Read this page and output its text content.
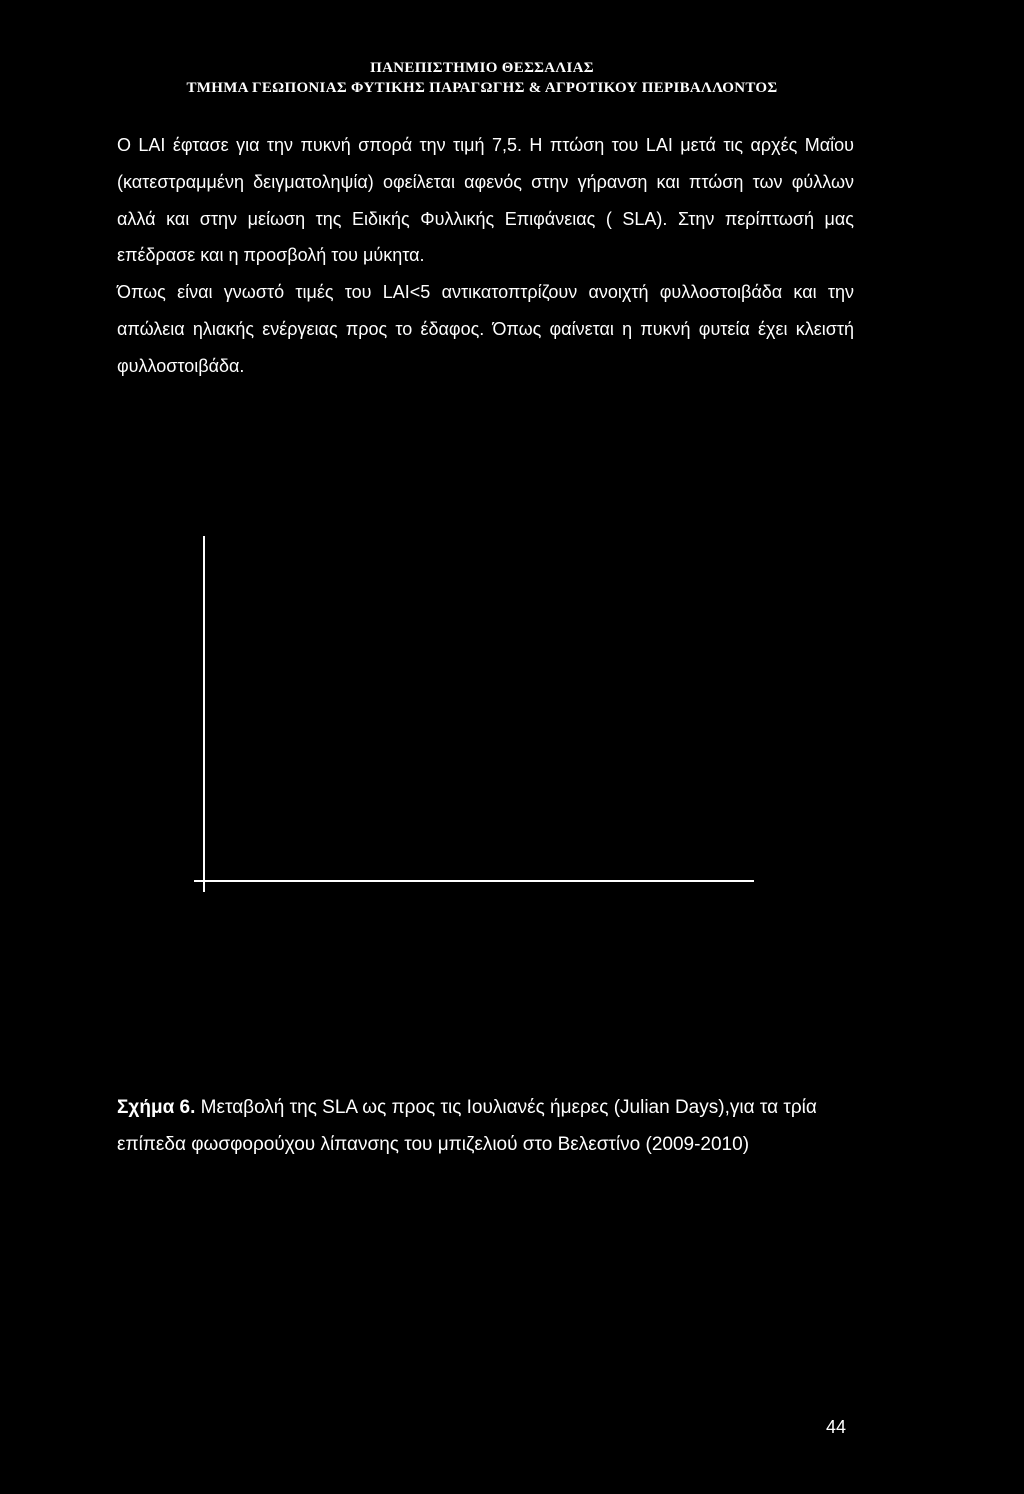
ΠΑΝΕΠΙΣΤΗΜΙΟ ΘΕΣΣΑΛΙΑΣ
ΤΜΗΜΑ ΓΕΩΠΟΝΙΑΣ ΦΥΤΙΚΗΣ ΠΑΡΑΓΩΓΗΣ & ΑΓΡΟΤΙΚΟΥ ΠΕΡΙΒΑΛΛΟΝΤΟΣ

Ο LAI έφτασε για την πυκνή σπορά την τιμή 7,5. Η πτώση του LAI μετά τις αρχές Μαΐου (κατεστραμμένη δειγματοληψία) οφείλεται αφενός στην γήρανση και πτώση των φύλλων αλλά και στην μείωση της Ειδικής Φυλλικής Επιφάνειας ( SLA). Στην περίπτωσή μας επέδρασε και η προσβολή του μύκητα.

Όπως είναι γνωστό τιμές του LAI<5 αντικατοπτρίζουν ανοιχτή φυλλοστοιβάδα και την απώλεια ηλιακής ενέργειας προς το έδαφος. Όπως φαίνεται η πυκνή φυτεία έχει κλειστή φυλλοστοιβάδα.

Σχήμα 6. Μεταβολή της SLA ως προς τις Ιουλιανές ήμερες (Julian Days),για τα τρία επίπεδα φωσφορούχου λίπανσης του μπιζελιού στο Βελεστίνο (2009-2010)
44
